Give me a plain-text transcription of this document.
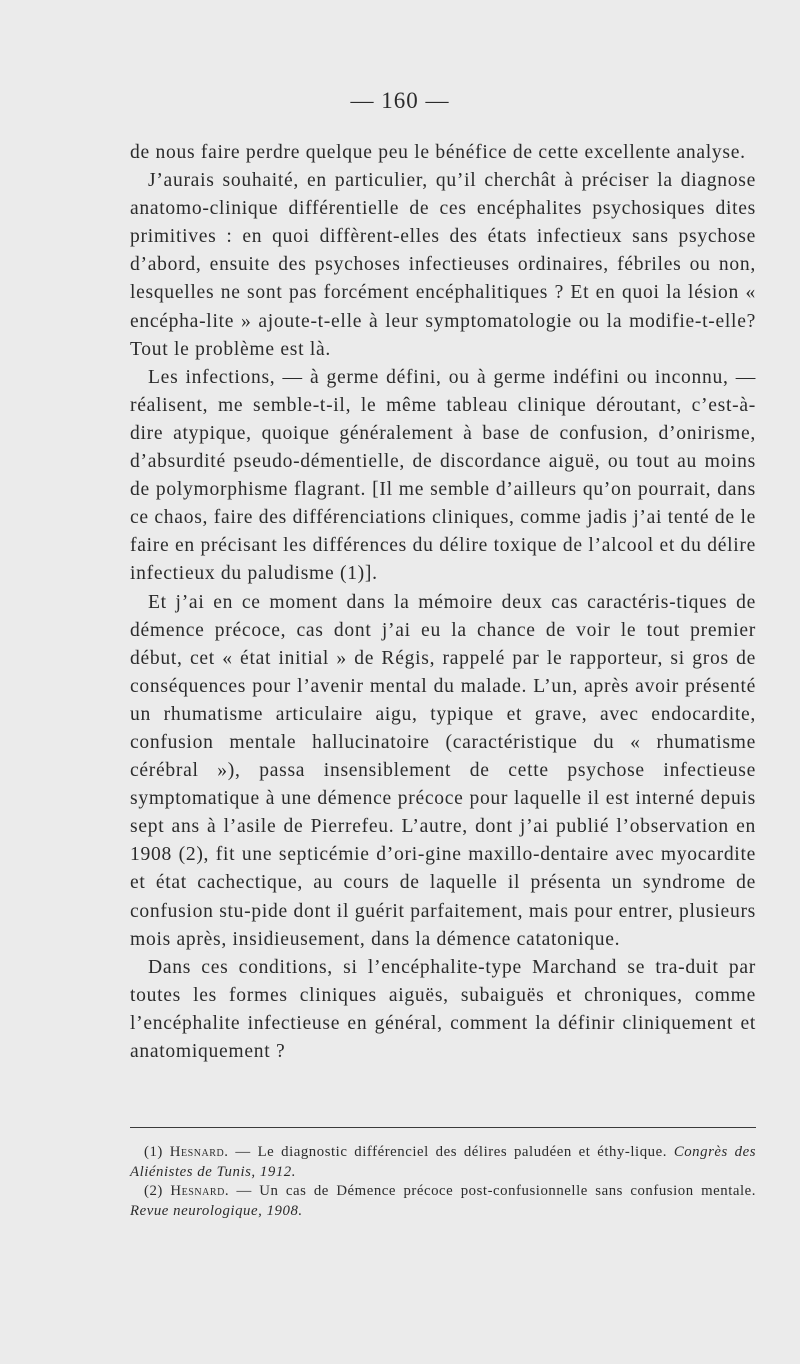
— 160 —

de nous faire perdre quelque peu le bénéfice de cette excellente analyse.

J’aurais souhaité, en particulier, qu’il cherchât à préciser la diagnose anatomo-clinique différentielle de ces encéphalites psychosiques dites primitives : en quoi diffèrent-elles des états infectieux sans psychose d’abord, ensuite des psychoses infectieuses ordinaires, fébriles ou non, lesquelles ne sont pas forcément encéphalitiques ? Et en quoi la lésion « encépha-lite » ajoute-t-elle à leur symptomatologie ou la modifie-t-elle? Tout le problème est là.

Les infections, — à germe défini, ou à germe indéfini ou inconnu, — réalisent, me semble-t-il, le même tableau clinique déroutant, c’est-à-dire atypique, quoique généralement à base de confusion, d’onirisme, d’absurdité pseudo-démentielle, de discordance aiguë, ou tout au moins de polymorphisme flagrant. [Il me semble d’ailleurs qu’on pourrait, dans ce chaos, faire des différenciations cliniques, comme jadis j’ai tenté de le faire en précisant les différences du délire toxique de l’alcool et du délire infectieux du paludisme (1)].

Et j’ai en ce moment dans la mémoire deux cas caractéris-tiques de démence précoce, cas dont j’ai eu la chance de voir le tout premier début, cet « état initial » de Régis, rappelé par le rapporteur, si gros de conséquences pour l’avenir mental du malade. L’un, après avoir présenté un rhumatisme articulaire aigu, typique et grave, avec endocardite, confusion mentale hallucinatoire (caractéristique du « rhumatisme cérébral »), passa insensiblement de cette psychose infectieuse symptomatique à une démence précoce pour laquelle il est interné depuis sept ans à l’asile de Pierrefeu. L’autre, dont j’ai publié l’observation en 1908 (2), fit une septicémie d’ori-gine maxillo-dentaire avec myocardite et état cachectique, au cours de laquelle il présenta un syndrome de confusion stu-pide dont il guérit parfaitement, mais pour entrer, plusieurs mois après, insidieusement, dans la démence catatonique.

Dans ces conditions, si l’encéphalite-type Marchand se tra-duit par toutes les formes cliniques aiguës, subaiguës et chroniques, comme l’encéphalite infectieuse en général, comment la définir cliniquement et anatomiquement ?

(1) Hesnard. — Le diagnostic différenciel des délires paludéen et éthy-lique. Congrès des Aliénistes de Tunis, 1912.

(2) Hesnard. — Un cas de Démence précoce post-confusionnelle sans confusion mentale. Revue neurologique, 1908.
